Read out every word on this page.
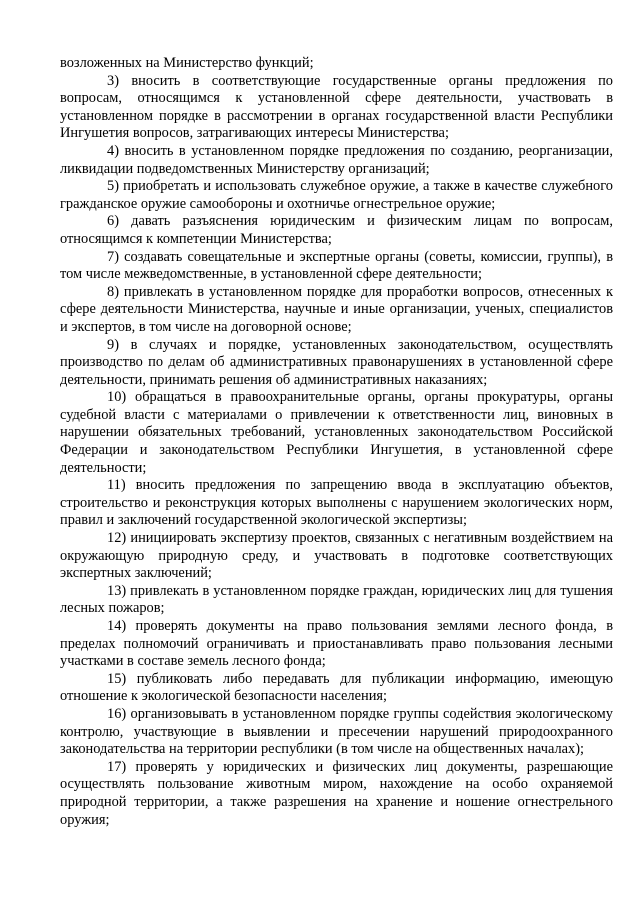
возложенных на Министерство функций;

3) вносить в соответствующие государственные органы предложения по вопросам, относящимся к установленной сфере деятельности, участвовать в установленном порядке в рассмотрении в органах государственной власти Республики Ингушетия вопросов, затрагивающих интересы Министерства;

4) вносить в установленном порядке предложения по созданию, реорганизации, ликвидации подведомственных Министерству организаций;

5) приобретать и использовать служебное оружие, а также в качестве служебного гражданское оружие самообороны и охотничье огнестрельное оружие;

6) давать разъяснения юридическим и физическим лицам по вопросам, относящимся к компетенции Министерства;

7) создавать совещательные и экспертные органы (советы, комиссии, группы), в том числе межведомственные, в установленной сфере деятельности;

8) привлекать в установленном порядке для проработки вопросов, отнесенных к сфере деятельности Министерства, научные и иные организации, ученых, специалистов и экспертов, в том числе на договорной основе;

9) в случаях и порядке, установленных законодательством, осуществлять производство по делам об административных правонарушениях в установленной сфере деятельности, принимать решения об административных наказаниях;

10) обращаться в правоохранительные органы, органы прокуратуры, органы судебной власти с материалами о привлечении к ответственности лиц, виновных в нарушении обязательных требований, установленных законодательством Российской Федерации и законодательством Республики Ингушетия, в установленной сфере деятельности;

11) вносить предложения по запрещению ввода в эксплуатацию объектов, строительство и реконструкция которых выполнены с нарушением экологических норм, правил и заключений государственной экологической экспертизы;

12) инициировать экспертизу проектов, связанных с негативным воздействием на окружающую природную среду, и участвовать в подготовке соответствующих экспертных заключений;

13) привлекать в установленном порядке граждан, юридических лиц для тушения лесных пожаров;

14) проверять документы на право пользования землями лесного фонда, в пределах полномочий ограничивать и приостанавливать право пользования лесными участками в составе земель лесного фонда;

15) публиковать либо передавать для публикации информацию, имеющую отношение к экологической безопасности населения;

16) организовывать в установленном порядке группы содействия экологическому контролю, участвующие в выявлении и пресечении нарушений природоохранного законодательства на территории республики (в том числе на общественных началах);

17) проверять у юридических и физических лиц документы, разрешающие осуществлять пользование животным миром, нахождение на особо охраняемой природной территории, а также разрешения на хранение и ношение огнестрельного оружия;
